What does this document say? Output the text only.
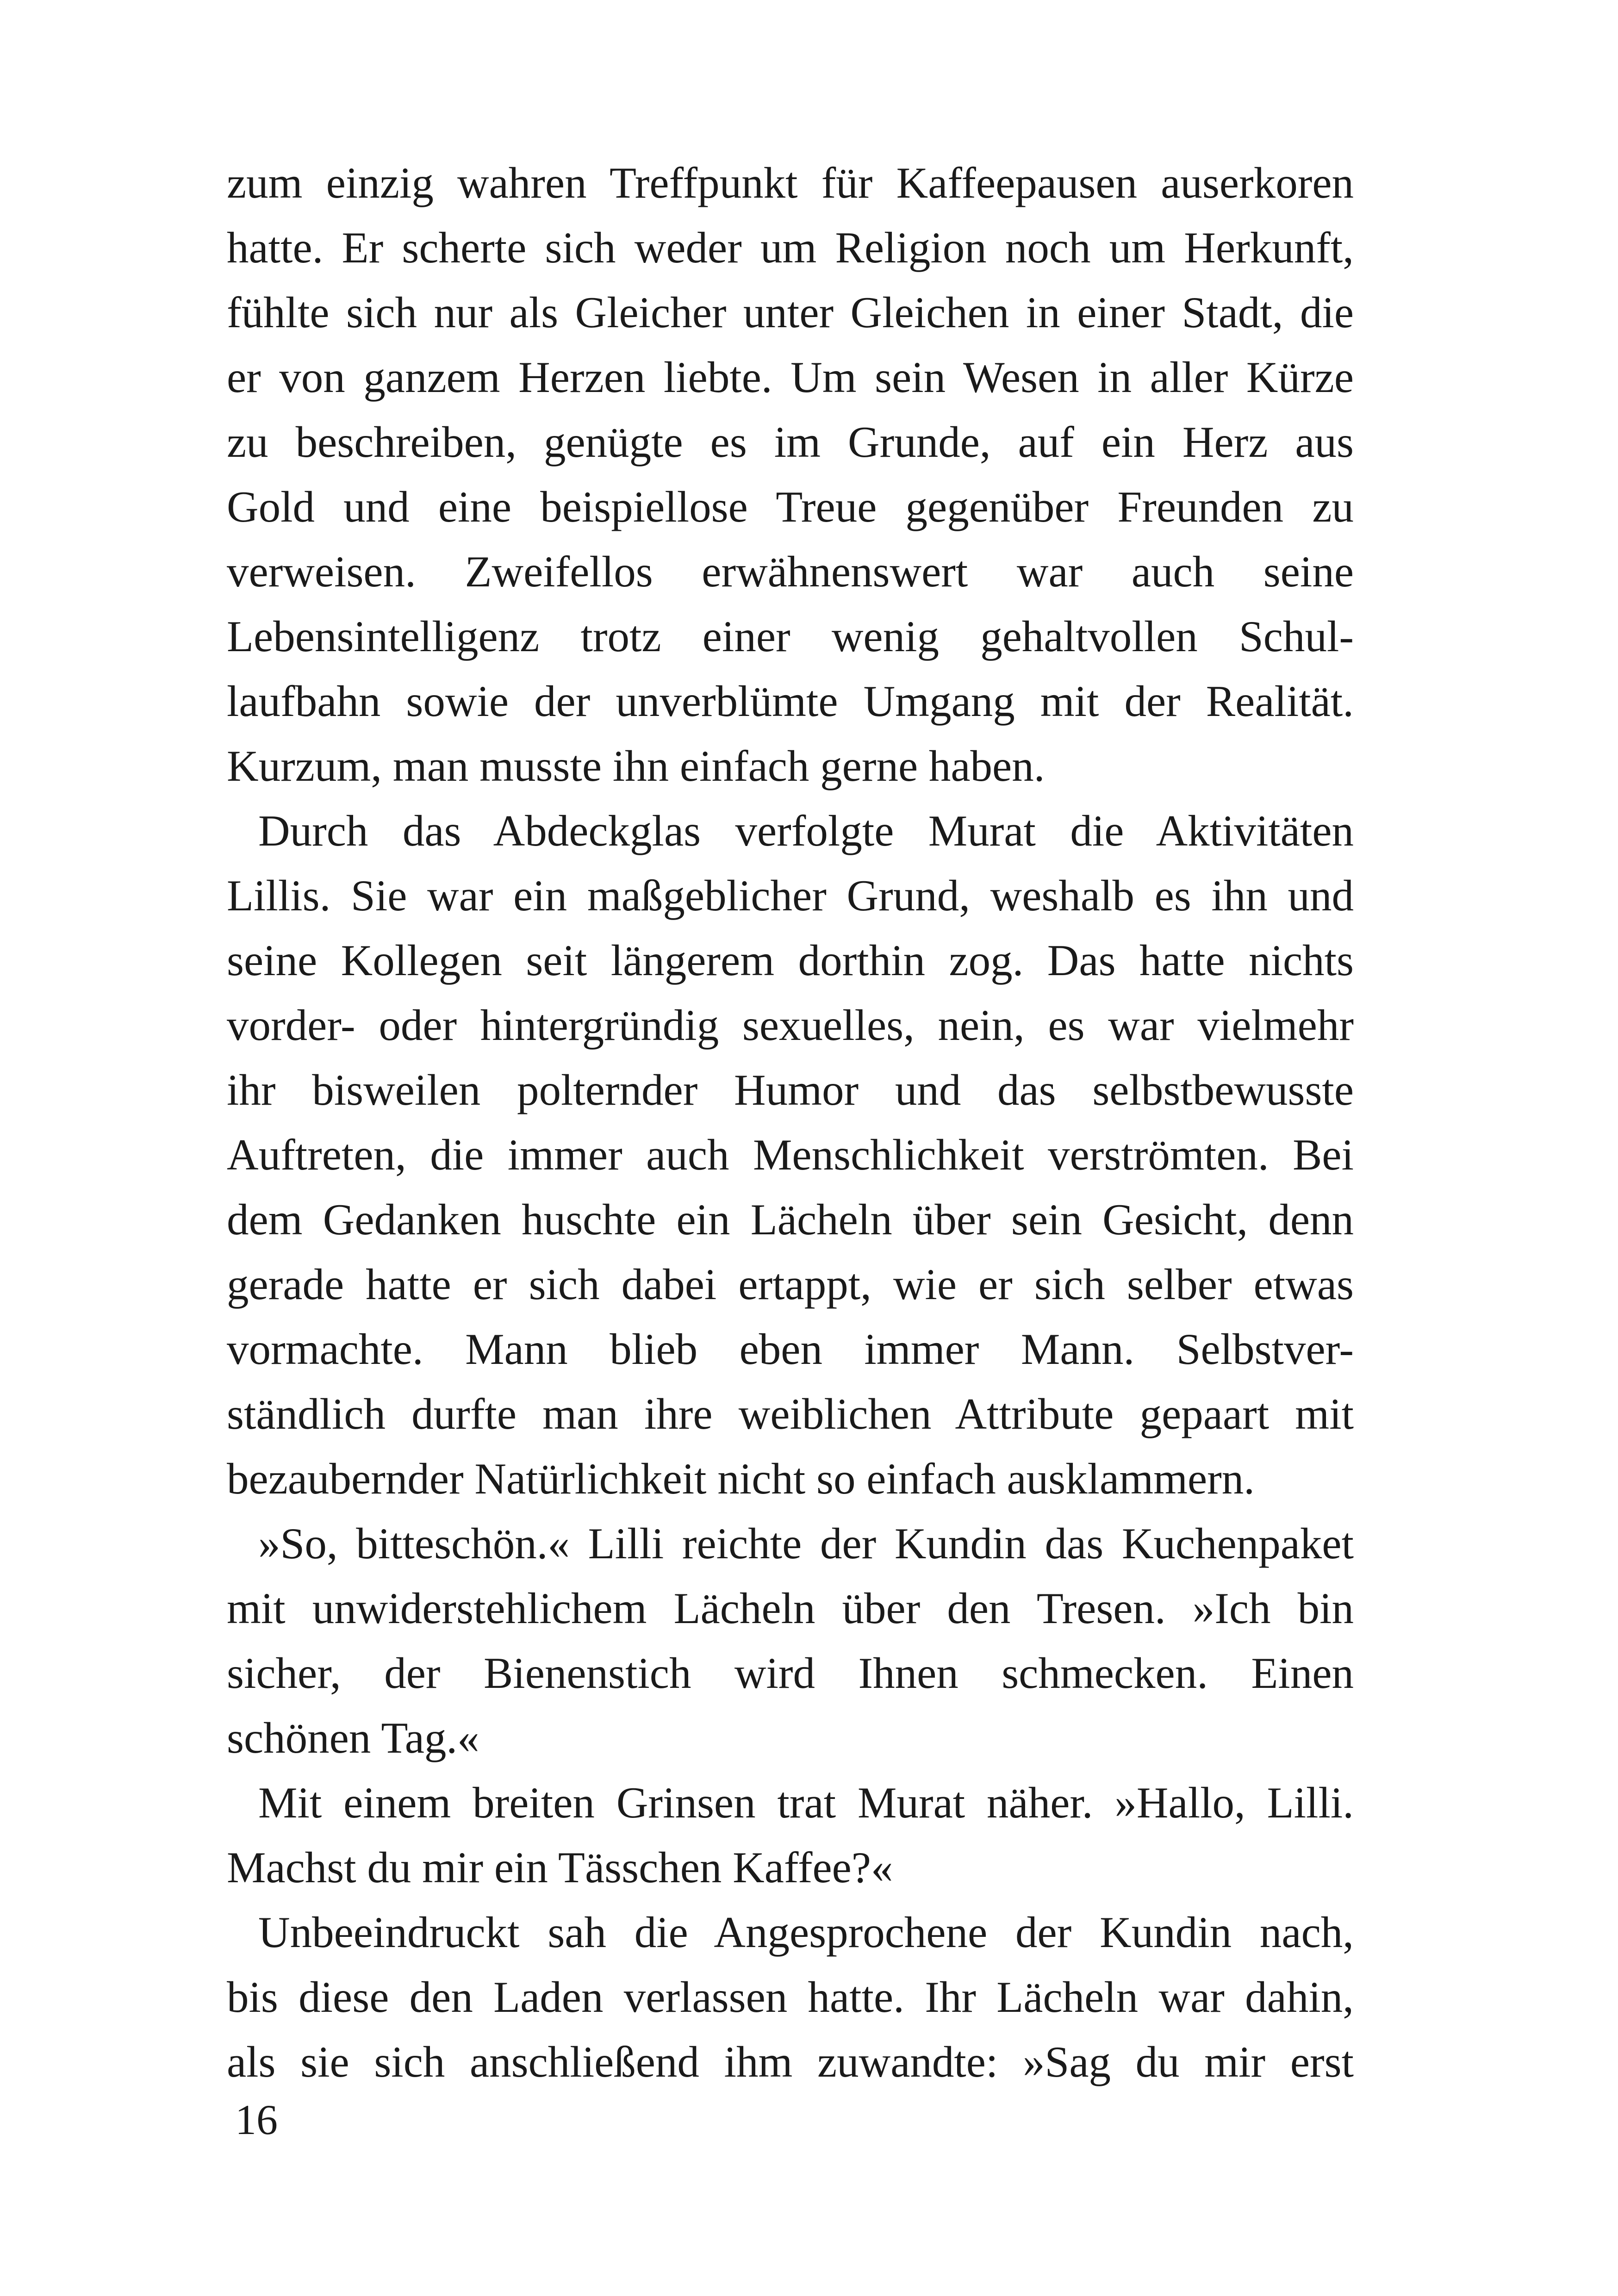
zum einzig wahren Treffpunkt für Kaffeepausen auserkoren
hatte. Er scherte sich weder um Religion noch um Herkunft,
fühlte sich nur als Gleicher unter Gleichen in einer Stadt, die
er von ganzem Herzen liebte. Um sein Wesen in aller Kürze
zu beschreiben, genügte es im Grunde, auf ein Herz aus
Gold und eine beispiellose Treue gegenüber Freunden zu
verweisen. Zweifellos erwähnenswert war auch seine
Lebensintelligenz trotz einer wenig gehaltvollen Schul-
laufbahn sowie der unverblümte Umgang mit der Realität.
Kurzum, man musste ihn einfach gerne haben.
Durch das Abdeckglas verfolgte Murat die Aktivitäten
Lillis. Sie war ein maßgeblicher Grund, weshalb es ihn und
seine Kollegen seit längerem dorthin zog. Das hatte nichts
vorder- oder hintergründig sexuelles, nein, es war vielmehr
ihr bisweilen polternder Humor und das selbstbewusste
Auftreten, die immer auch Menschlichkeit verströmten. Bei
dem Gedanken huschte ein Lächeln über sein Gesicht, denn
gerade hatte er sich dabei ertappt, wie er sich selber etwas
vormachte. Mann blieb eben immer Mann. Selbstver-
ständlich durfte man ihre weiblichen Attribute gepaart mit
bezaubernder Natürlichkeit nicht so einfach ausklammern.
»So, bitteschön.« Lilli reichte der Kundin das Kuchenpaket
mit unwiderstehlichem Lächeln über den Tresen. »Ich bin
sicher, der Bienenstich wird Ihnen schmecken. Einen
schönen Tag.«
Mit einem breiten Grinsen trat Murat näher. »Hallo, Lilli.
Machst du mir ein Tässchen Kaffee?«
Unbeeindruckt sah die Angesprochene der Kundin nach,
bis diese den Laden verlassen hatte. Ihr Lächeln war dahin,
als sie sich anschließend ihm zuwandte: »Sag du mir erst
16
